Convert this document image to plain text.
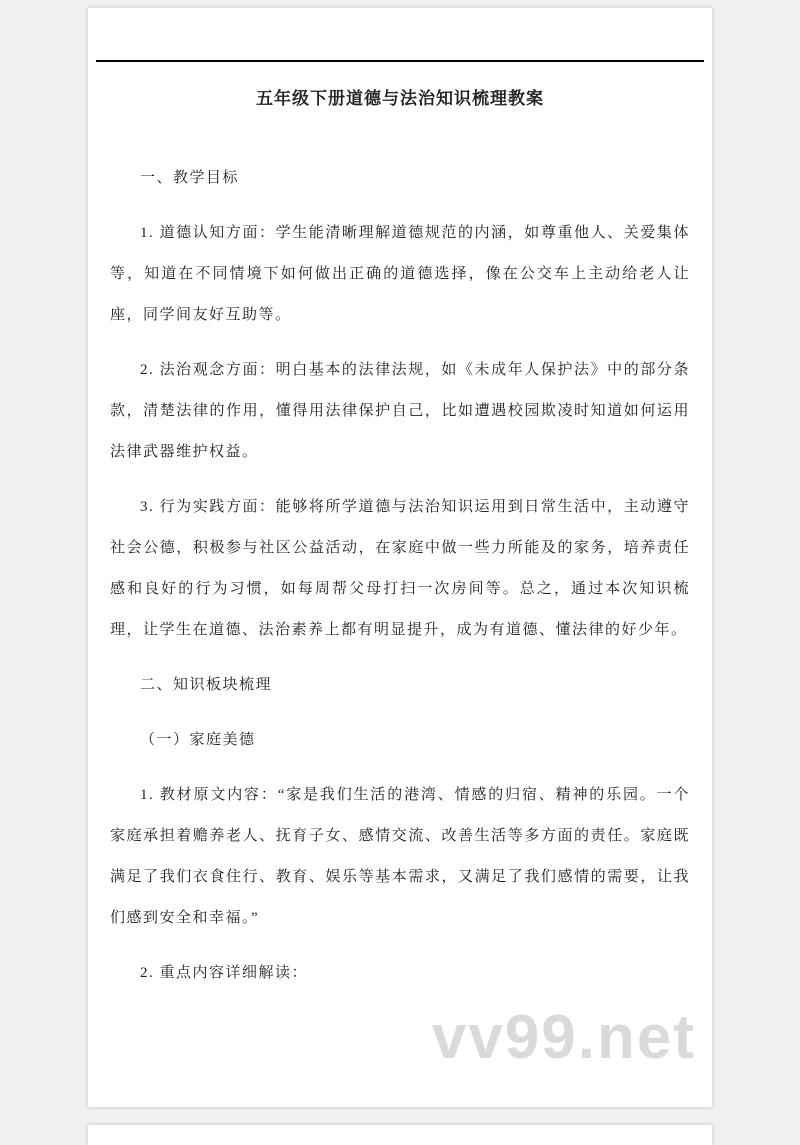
五年级下册道德与法治知识梳理教案

一、教学目标

1. 道德认知方面：学生能清晰理解道德规范的内涵，如尊重他人、关爱集体等，知道在不同情境下如何做出正确的道德选择，像在公交车上主动给老人让座，同学间友好互助等。

2. 法治观念方面：明白基本的法律法规，如《未成年人保护法》中的部分条款，清楚法律的作用，懂得用法律保护自己，比如遭遇校园欺凌时知道如何运用法律武器维护权益。

3. 行为实践方面：能够将所学道德与法治知识运用到日常生活中，主动遵守社会公德，积极参与社区公益活动，在家庭中做一些力所能及的家务，培养责任感和良好的行为习惯，如每周帮父母打扫一次房间等。总之，通过本次知识梳理，让学生在道德、法治素养上都有明显提升，成为有道德、懂法律的好少年。

二、知识板块梳理

（一）家庭美德

1. 教材原文内容：“家是我们生活的港湾、情感的归宿、精神的乐园。一个家庭承担着赡养老人、抚育子女、感情交流、改善生活等多方面的责任。家庭既满足了我们衣食住行、教育、娱乐等基本需求，又满足了我们感情的需要，让我们感到安全和幸福。”

2. 重点内容详细解读：

vv99.net
